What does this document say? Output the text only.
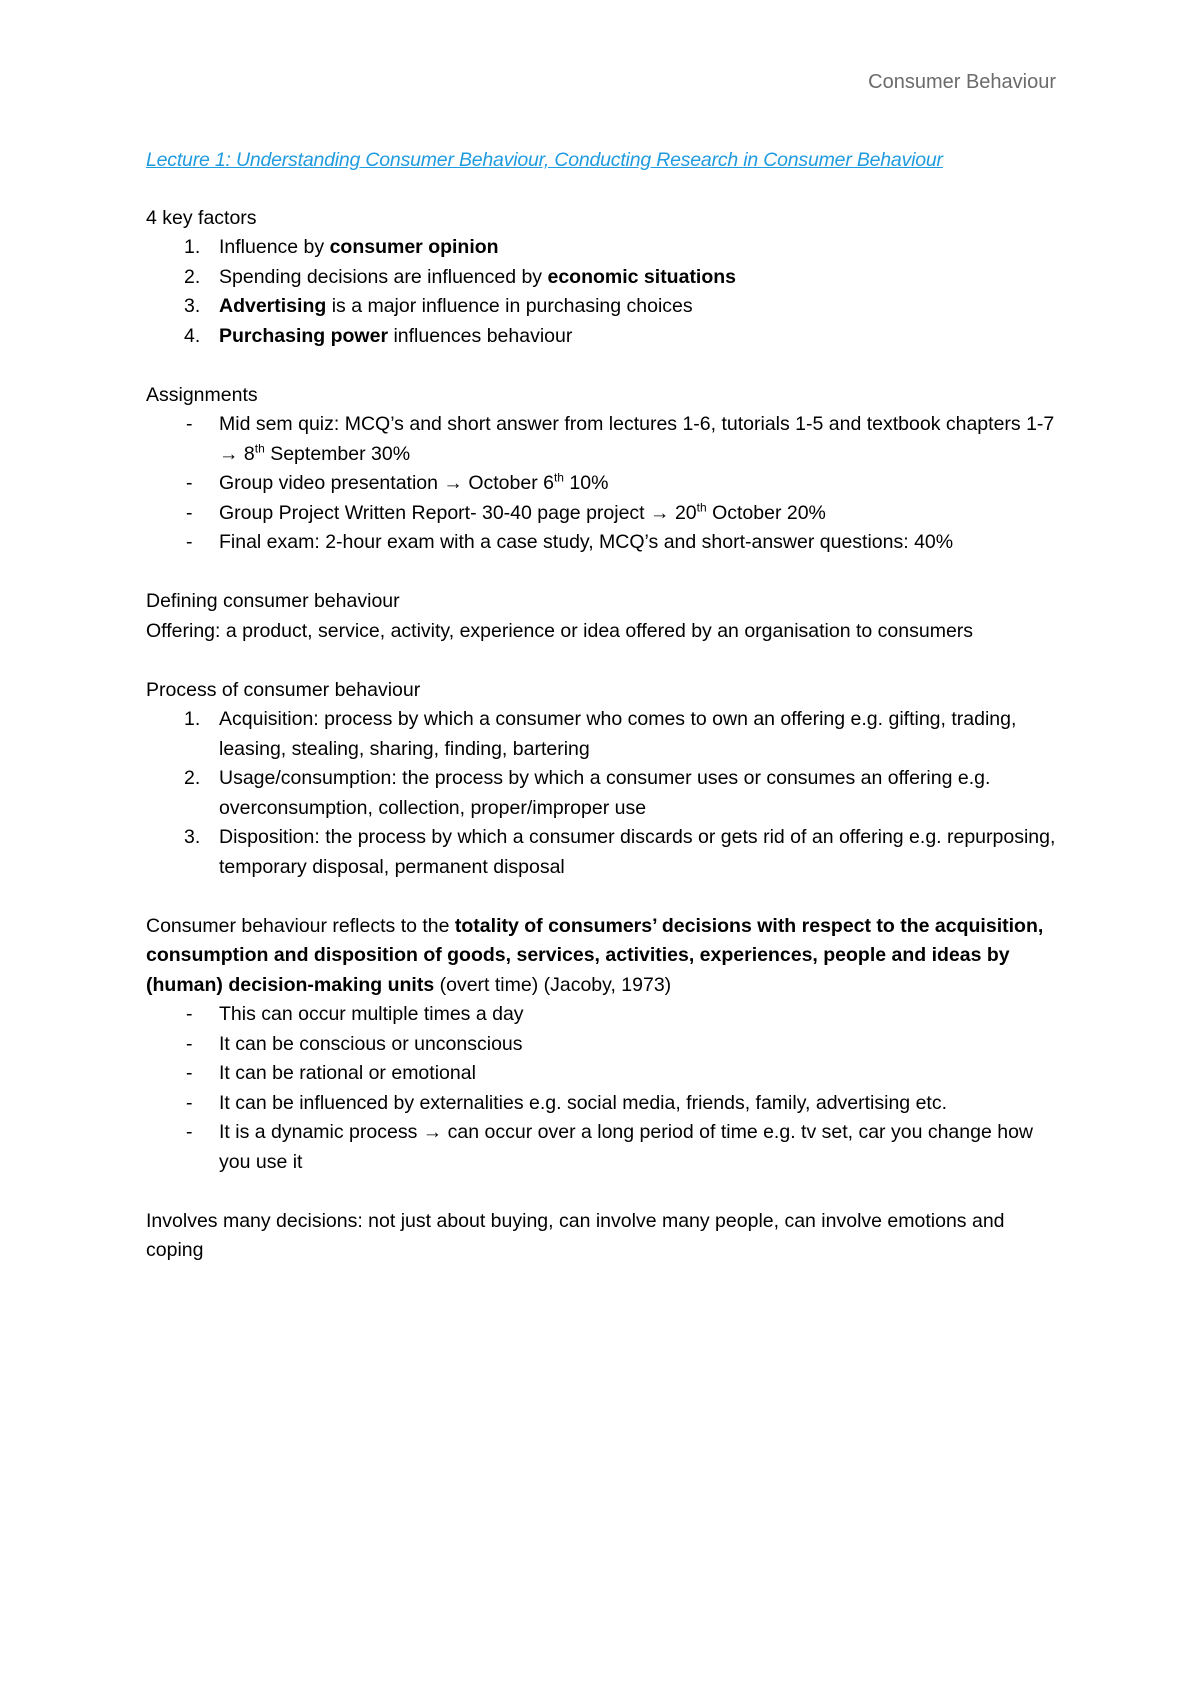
Consumer Behaviour
Lecture 1: Understanding Consumer Behaviour, Conducting Research in Consumer Behaviour

4 key factors

1. Influence by consumer opinion
2. Spending decisions are influenced by economic situations
3. Advertising is a major influence in purchasing choices
4. Purchasing power influences behaviour

Assignments

- Mid sem quiz: MCQ’s and short answer from lectures 1-6, tutorials 1-5 and textbook chapters 1-7 → 8th September 30%
- Group video presentation → October 6th 10%
- Group Project Written Report- 30-40 page project → 20th October 20%
- Final exam: 2-hour exam with a case study, MCQ’s and short-answer questions: 40%

Defining consumer behaviour

Offering: a product, service, activity, experience or idea offered by an organisation to consumers

Process of consumer behaviour

1. Acquisition: process by which a consumer who comes to own an offering e.g. gifting, trading, leasing, stealing, sharing, finding, bartering
2. Usage/consumption: the process by which a consumer uses or consumes an offering e.g. overconsumption, collection, proper/improper use
3. Disposition: the process by which a consumer discards or gets rid of an offering e.g. repurposing, temporary disposal, permanent disposal

Consumer behaviour reflects to the totality of consumers’ decisions with respect to the acquisition, consumption and disposition of goods, services, activities, experiences, people and ideas by (human) decision-making units (overt time) (Jacoby, 1973)

- This can occur multiple times a day
- It can be conscious or unconscious
- It can be rational or emotional
- It can be influenced by externalities e.g. social media, friends, family, advertising etc.
- It is a dynamic process → can occur over a long period of time e.g. tv set, car you change how you use it

Involves many decisions: not just about buying, can involve many people, can involve emotions and coping
